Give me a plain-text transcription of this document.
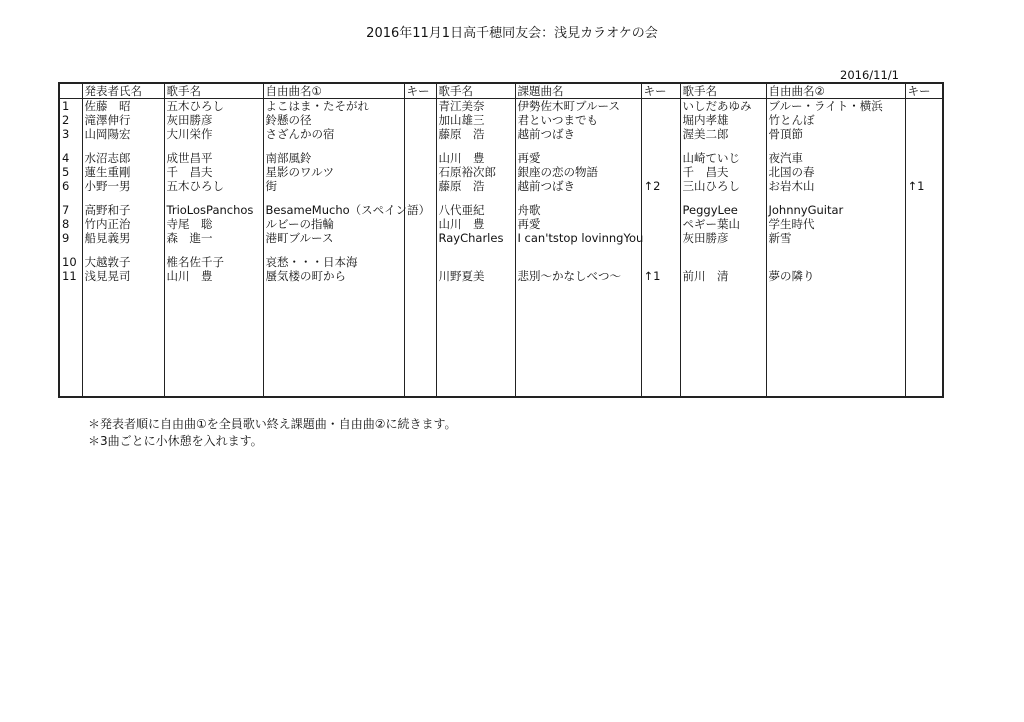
2016年11月1日高千穂同友会：浅見カラオケの会
2016/11/1
	発表者氏名	歌手名	自由曲名①	キー	歌手名	課題曲名	キー	歌手名	自由曲名②	キー
1	佐藤　昭	五木ひろし	よこはま・たそがれ		青江美奈	伊勢佐木町ブルース		いしだあゆみ	ブルー・ライト・横浜	
2	滝澤伸行	灰田勝彦	鈴懸の径		加山雄三	君といつまでも		堀内孝雄	竹とんぼ	
3	山岡陽宏	大川栄作	さざんかの宿		藤原　浩	越前つばき		渥美二郎	骨頂節	

4	水沼志郎	成世昌平	南部風鈴		山川　豊	再愛		山崎ていじ	夜汽車	
5	蓮生重剛	千　昌夫	星影のワルツ		石原裕次郎	銀座の恋の物語		千　昌夫	北国の春	
6	小野一男	五木ひろし	街		藤原　浩	越前つばき	↑2	三山ひろし	お岩木山	↑1

7	高野和子	TrioLosPanchos	BesameMucho（スペイン語）		八代亜紀	舟歌		PeggyLee	JohnnyGuitar	
8	竹内正治	寺尾　聡	ルビーの指輪		山川　豊	再愛		ペギー葉山	学生時代	
9	船見義男	森　進一	港町ブルース		RayCharles	I can'tstop lovinngYou		灰田勝彦	新雪	

10	大越敦子	椎名佐千子	哀愁・・・日本海							
11	浅見晃司	山川　豊	蜃気楼の町から		川野夏美	悲別～かなしべつ～	↑1	前川　清	夢の隣り	

＊発表者順に自由曲①を全員歌い終え課題曲・自由曲②に続きます。
＊3曲ごとに小休憩を入れます。
